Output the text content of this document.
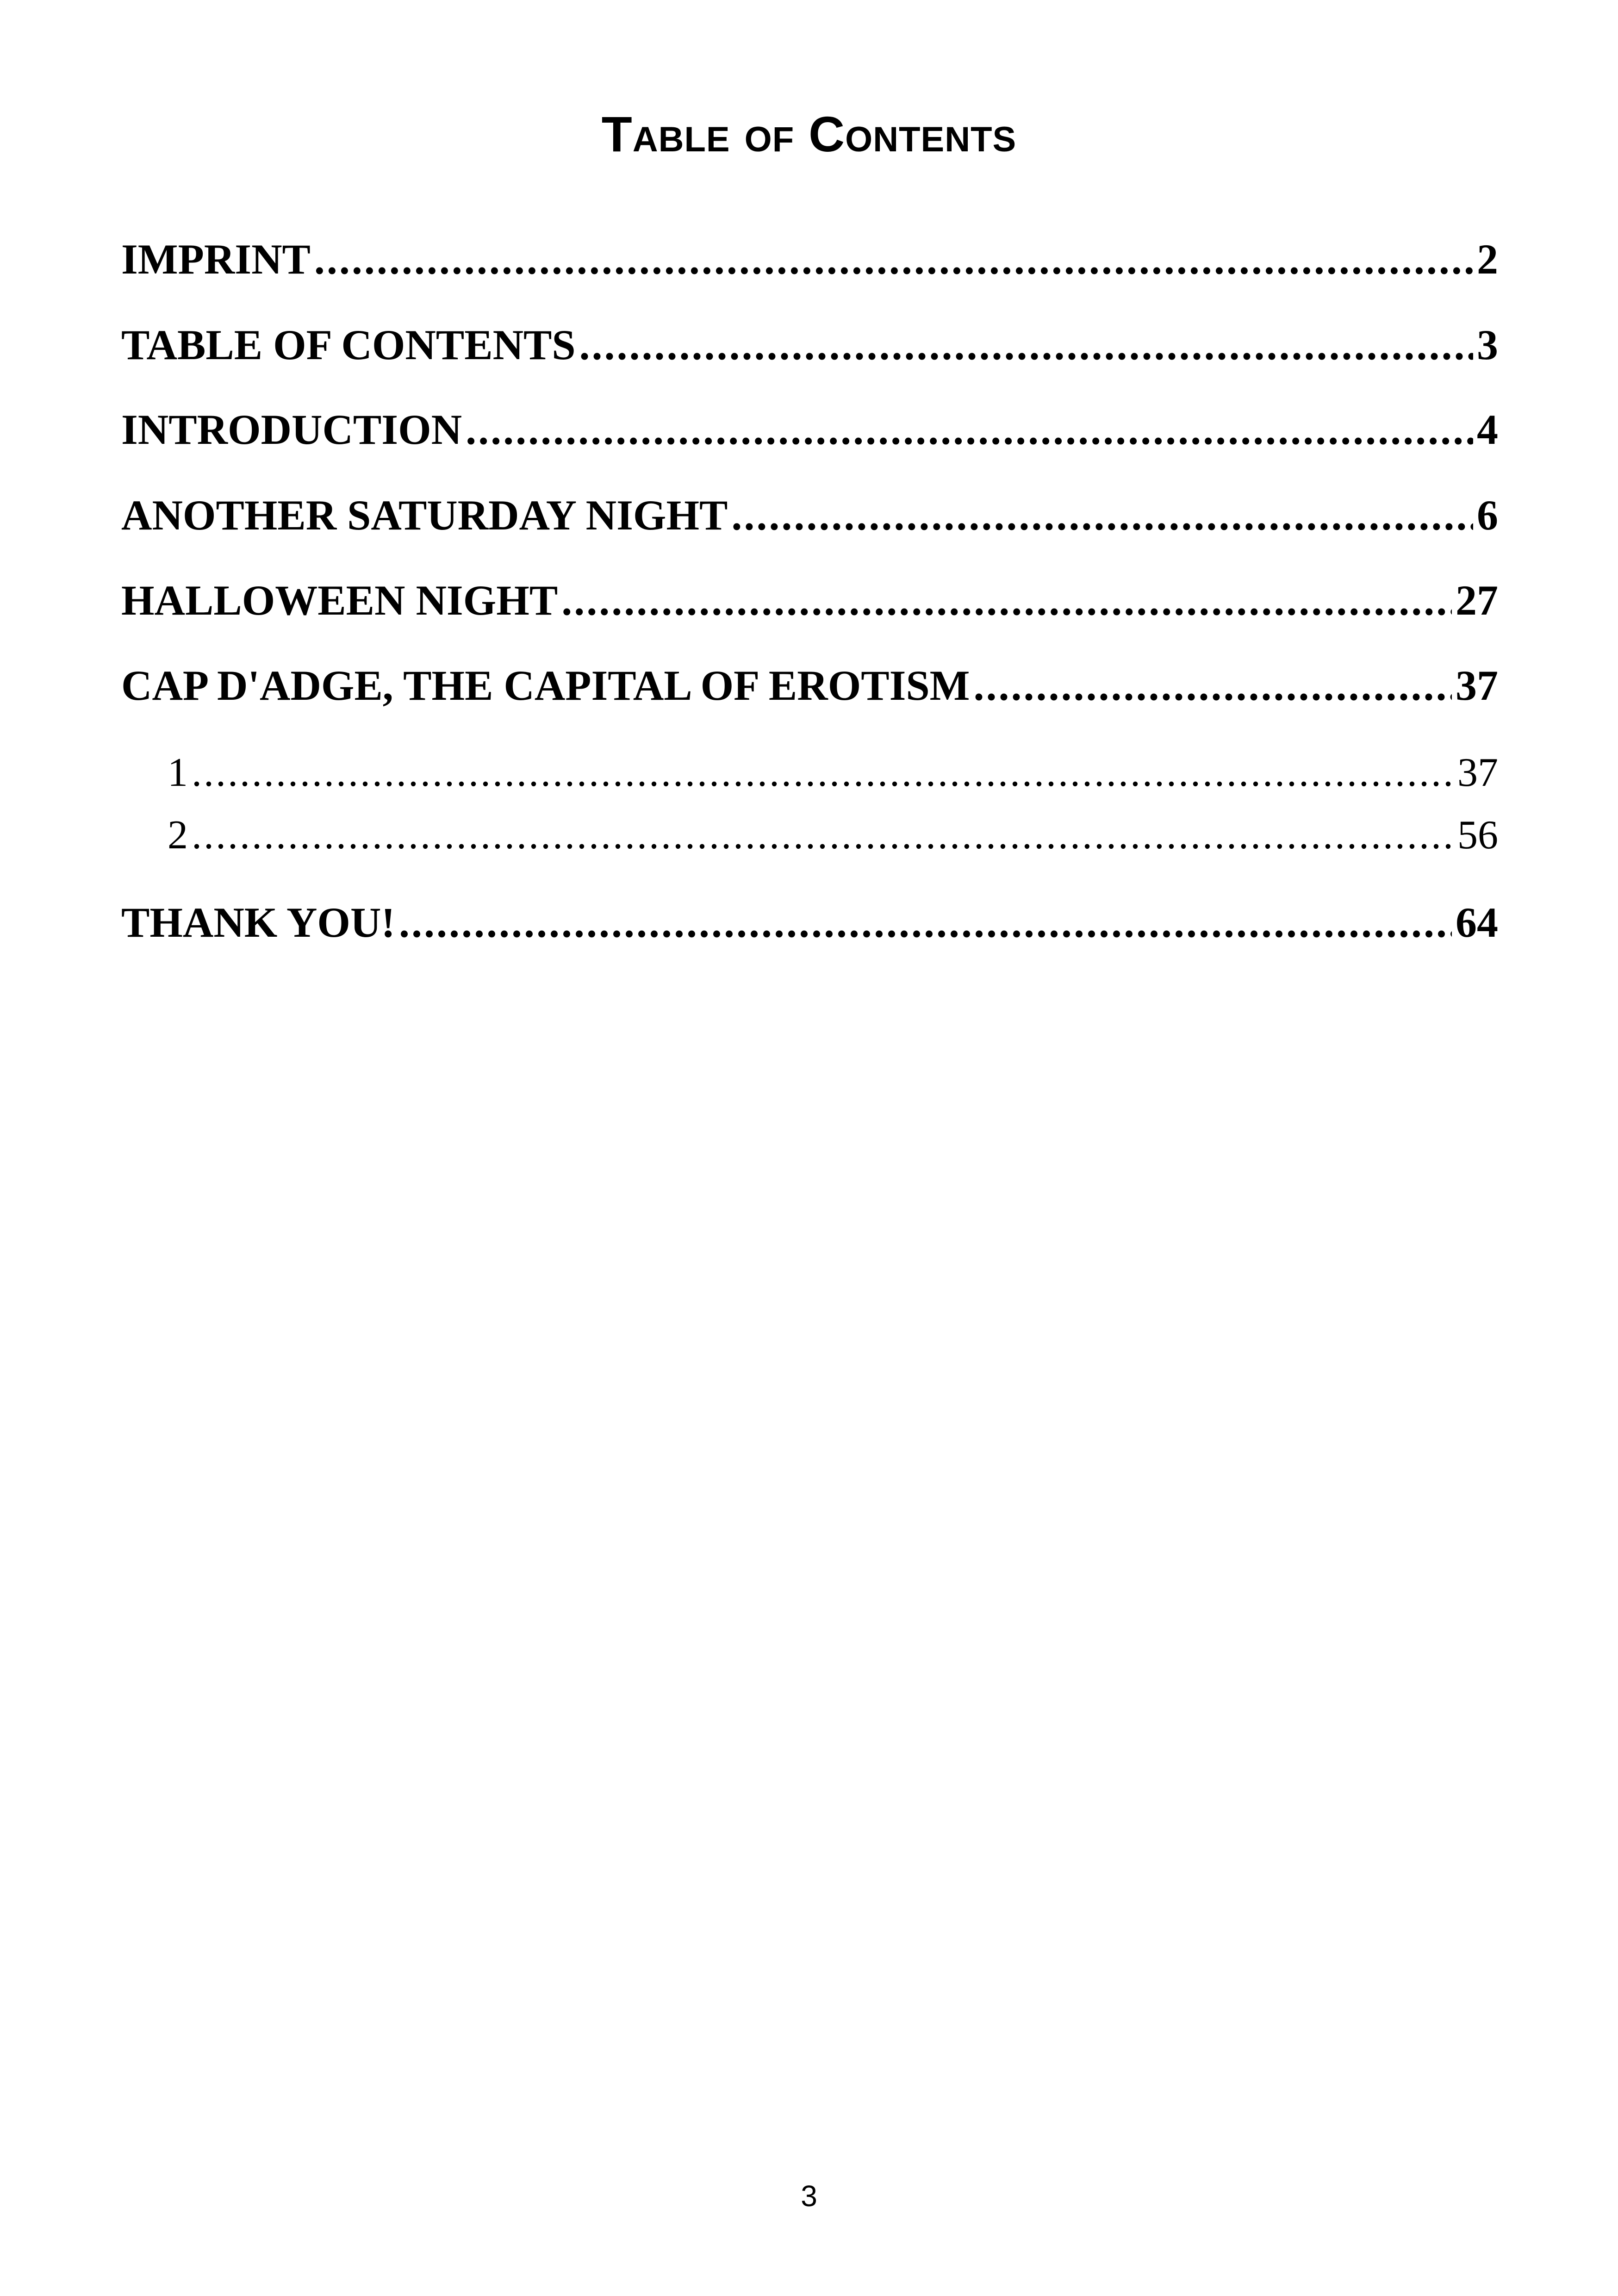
Table of Contents
IMPRINT .....	2
TABLE OF CONTENTS .....	3
INTRODUCTION .....	4
ANOTHER SATURDAY NIGHT .....	6
HALLOWEEN NIGHT .....	27
CAP D'ADGE, THE CAPITAL OF EROTISM .....	37
1 .....	37
2 .....	56
THANK YOU! .....	64
3
